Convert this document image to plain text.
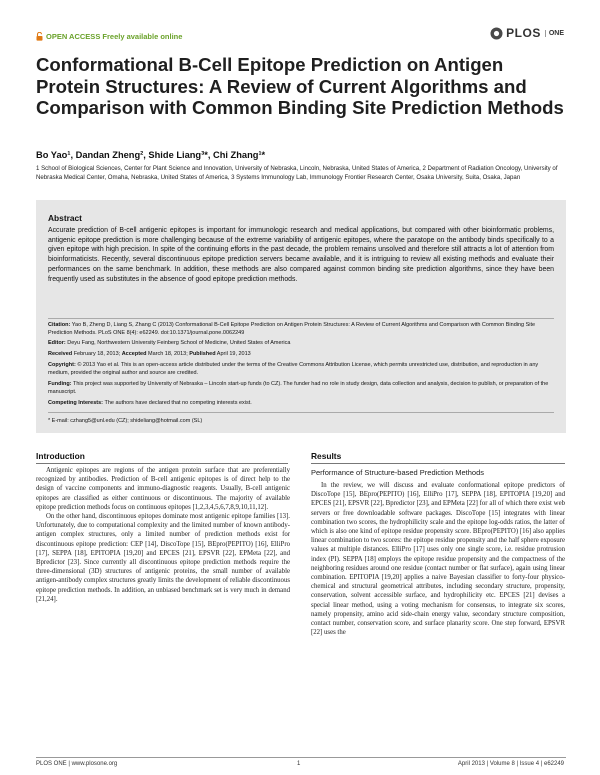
OPEN ACCESS Freely available online	PLOS	ONE
Conformational B-Cell Epitope Prediction on Antigen Protein Structures: A Review of Current Algorithms and Comparison with Common Binding Site Prediction Methods
Bo Yao¹, Dandan Zheng², Shide Liang³*, Chi Zhang¹*
1 School of Biological Sciences, Center for Plant Science and Innovation, University of Nebraska, Lincoln, Nebraska, United States of America, 2 Department of Radiation Oncology, University of Nebraska Medical Center, Omaha, Nebraska, United States of America, 3 Systems Immunology Lab, Immunology Frontier Research Center, Osaka University, Suita, Osaka, Japan
Abstract
Accurate prediction of B-cell antigenic epitopes is important for immunologic research and medical applications, but compared with other bioinformatic problems, antigenic epitope prediction is more challenging because of the extreme variability of antigenic epitopes, where the paratope on the antibody binds specifically to a given epitope with high precision. In spite of the continuing efforts in the past decade, the problem remains unsolved and therefore still attracts a lot of attention from bioinformaticists. Recently, several discontinuous epitope prediction servers became available, and it is intriguing to review all existing methods and evaluate their performances on the same benchmark. In addition, these methods are also compared against common binding site prediction algorithms, since they have been frequently used as substitutes in the absence of good epitope prediction methods.
Citation: Yao B, Zheng D, Liang S, Zhang C (2013) Conformational B-Cell Epitope Prediction on Antigen Protein Structures: A Review of Current Algorithms and Comparison with Common Binding Site Prediction Methods. PLoS ONE 8(4): e62249. doi:10.1371/journal.pone.0062249
Editor: Deyu Fang, Northwestern University Feinberg School of Medicine, United States of America
Received February 18, 2013; Accepted March 18, 2013; Published April 19, 2013
Copyright: © 2013 Yao et al. This is an open-access article distributed under the terms of the Creative Commons Attribution License, which permits unrestricted use, distribution, and reproduction in any medium, provided the original author and source are credited.
Funding: This project was supported by University of Nebraska – Lincoln start-up funds (to CZ). The funder had no role in study design, data collection and analysis, decision to publish, or preparation of the manuscript.
Competing Interests: The authors have declared that no competing interests exist.
* E-mail: czhang5@unl.edu (CZ); shideliang@hotmail.com (SL)
Introduction

Antigenic epitopes are regions of the antigen protein surface that are preferentially recognized by antibodies. Prediction of B-cell antigenic epitopes is of direct help to the design of vaccine components and immuno-diagnostic reagents. Usually, B-cell antigenic epitopes are classified as either continuous or discontinuous. The majority of available epitope prediction methods focus on continuous epitopes [1,2,3,4,5,6,7,8,9,10,11,12].

On the other hand, discontinuous epitopes dominate most antigenic epitope families [13]. Unfortunately, due to computational complexity and the limited number of known antibody-antigen complex structures, only a limited number of prediction methods exist for discontinuous epitope prediction: CEP [14], DiscoTope [15], BEpro(PEPITO) [16], ElliPro [17], SEPPA [18], EPITOPIA [19,20] and EPCES [21], EPSVR [22], EPMeta [22], and Bpredictor [23]. Since currently all discontinuous epitope prediction methods require the three-dimensional (3D) structures of antigenic proteins, the small number of available antigen-antibody complex structures greatly limits the development of reliable discontinuous epitope prediction methods. In addition, an unbiased benchmark set is very much in demand [21,24].

Results
Performance of Structure-based Prediction Methods

In the review, we will discuss and evaluate conformational epitope predictors of DiscoTope [15], BEpro(PEPITO) [16], ElliPro [17], SEPPA [18], EPITOPIA [19,20] and EPCES [21], EPSVR [22], Bpredictor [23], and EPMeta [22] for all of which there exist web servers or free downloadable software packages. DiscoTope [15] integrates with linear combination two scores, the hydrophilicity scale and the epitope log-odds ratios, the latter of which is also one kind of epitope residue propensity score. BEpro(PEPITO) [16] also applies linear combination to two scores: the epitope residue propensity and the half sphere exposure values at multiple distances. ElliPro [17] uses only one single score, i.e. residue protrusion index (PI). SEPPA [18] employs the epitope residue propensity and the compactness of the neighboring residues around one residue (contact number or flat surface), again using linear combination. EPITOPIA [19,20] applies a naive Bayesian classifier to forty-four physico-chemical and structural geometrical attributes, including secondary structure, propensity, conservation, solvent accessible surface, and hydrophilicity etc. EPCES [21] devises a special linear method, using a voting mechanism for consensus, to integrate six scores, namely propensity, amino acid side-chain energy value, secondary structure composition, contact number, conservation score, and surface planarity score. One step forward, EPSVR [22] uses the

PLOS ONE | www.plosone.org	1	April 2013 | Volume 8 | Issue 4 | e62249
